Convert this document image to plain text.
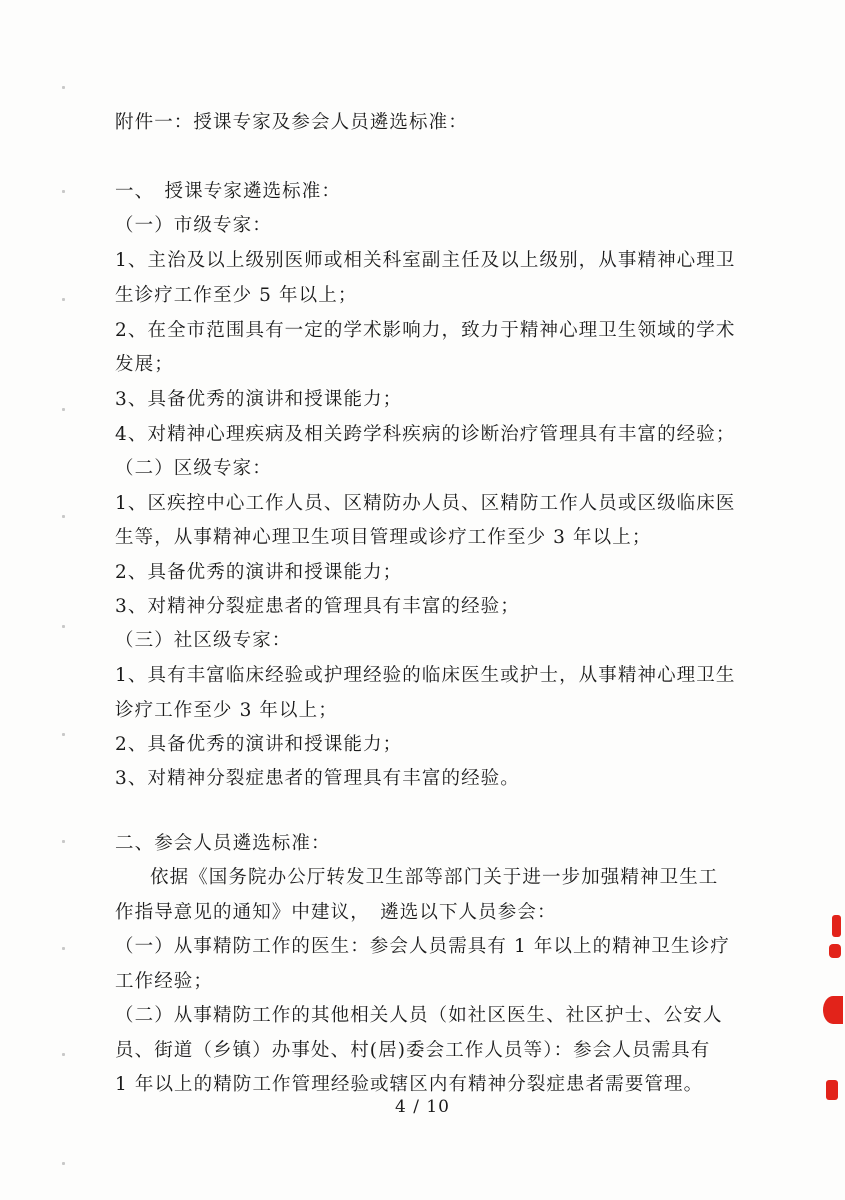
附件一：授课专家及参会人员遴选标准：
一、　授课专家遴选标准：
（一）市级专家：
1、主治及以上级别医师或相关科室副主任及以上级别，从事精神心理卫
生诊疗工作至少 5 年以上；
2、在全市范围具有一定的学术影响力，致力于精神心理卫生领域的学术
发展；
3、具备优秀的演讲和授课能力；
4、对精神心理疾病及相关跨学科疾病的诊断治疗管理具有丰富的经验；
（二）区级专家：
1、区疾控中心工作人员、区精防办人员、区精防工作人员或区级临床医
生等，从事精神心理卫生项目管理或诊疗工作至少 3 年以上；
2、具备优秀的演讲和授课能力；
3、对精神分裂症患者的管理具有丰富的经验；
（三）社区级专家：
1、具有丰富临床经验或护理经验的临床医生或护士，从事精神心理卫生
诊疗工作至少 3 年以上；
2、具备优秀的演讲和授课能力；
3、对精神分裂症患者的管理具有丰富的经验。
二、参会人员遴选标准：
依据《国务院办公厅转发卫生部等部门关于进一步加强精神卫生工
作指导意见的通知》中建议，　遴选以下人员参会：
（一）从事精防工作的医生：参会人员需具有 1 年以上的精神卫生诊疗
工作经验；
（二）从事精防工作的其他相关人员（如社区医生、社区护士、公安人
员、街道（乡镇）办事处、村(居)委会工作人员等）：参会人员需具有
1 年以上的精防工作管理经验或辖区内有精神分裂症患者需要管理。
4 / 10
